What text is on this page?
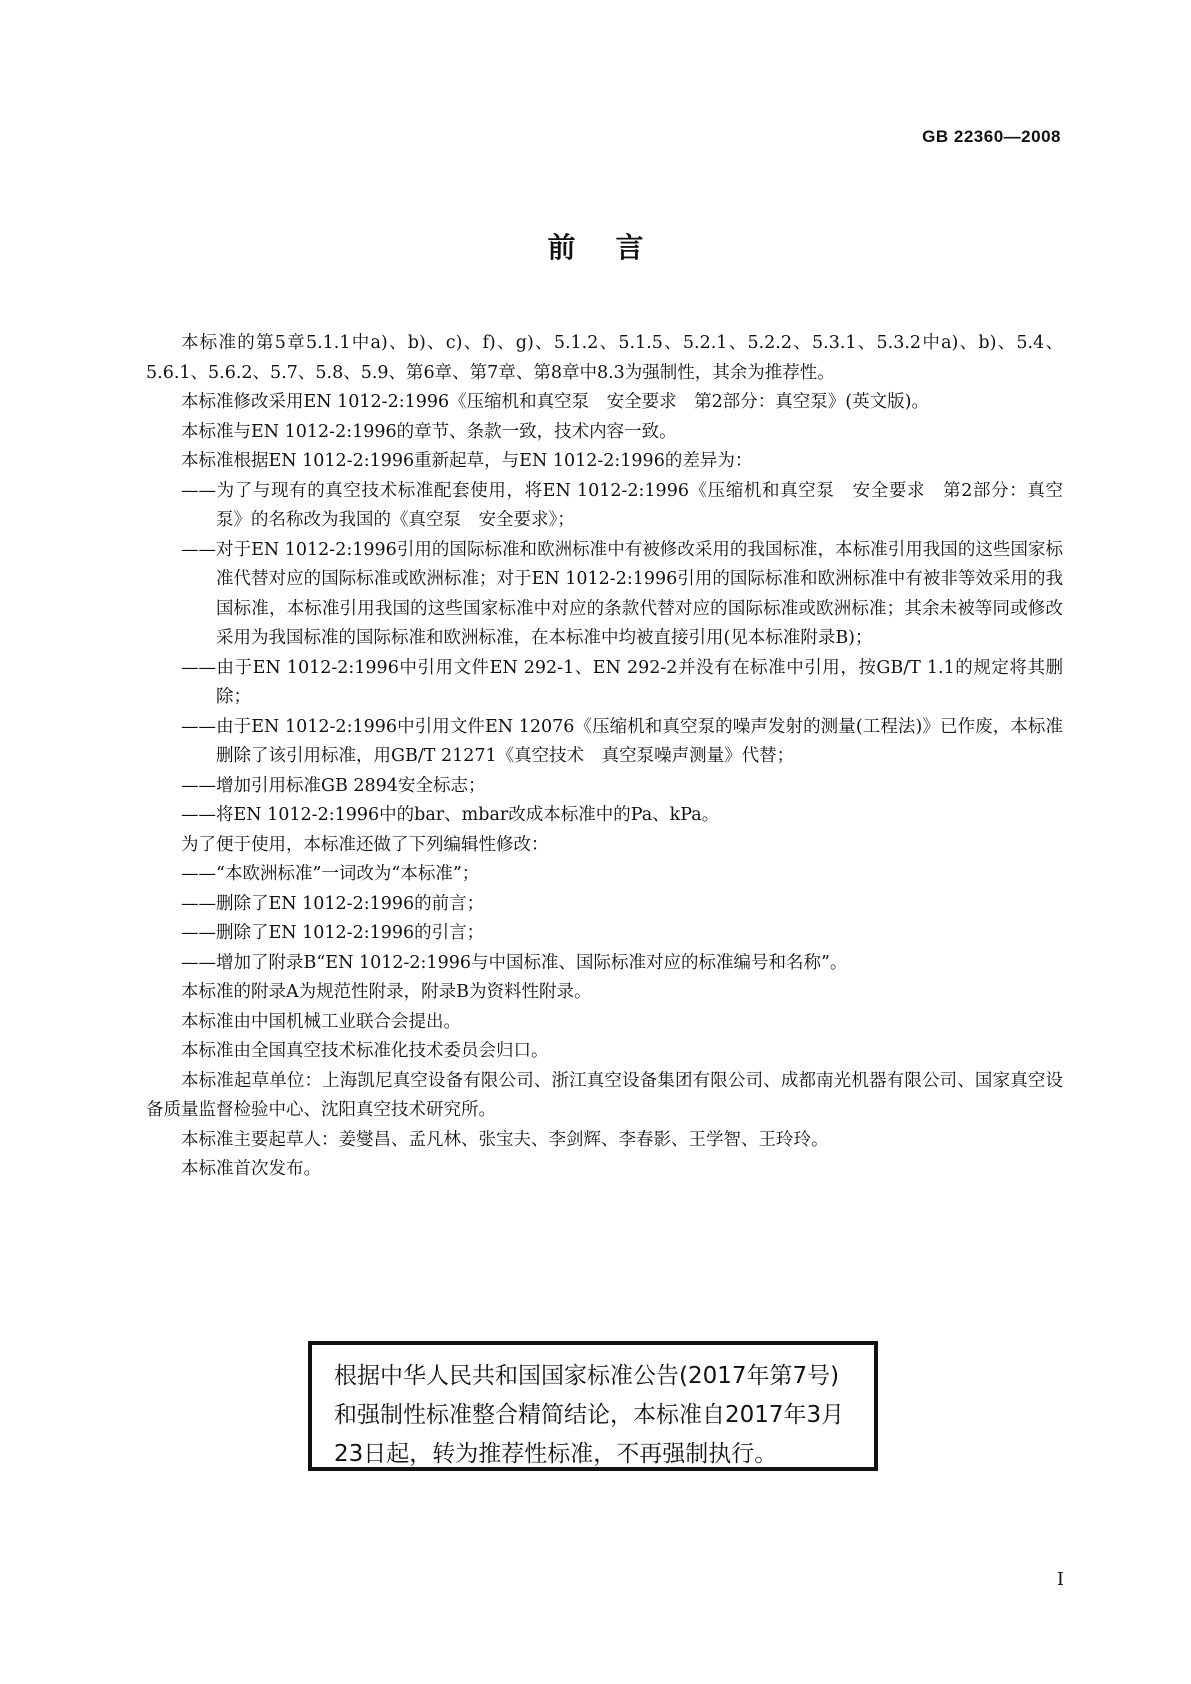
GB 22360—2008
前言

本标准的第5章5.1.1中a)、b)、c)、f)、g)、5.1.2、5.1.5、5.2.1、5.2.2、5.3.1、5.3.2中a)、b)、5.4、5.6.1、5.6.2、5.7、5.8、5.9、第6章、第7章、第8章中8.3为强制性，其余为推荐性。

本标准修改采用EN 1012-2:1996《压缩机和真空泵　安全要求　第2部分：真空泵》(英文版)。

本标准与EN 1012-2:1996的章节、条款一致，技术内容一致。

本标准根据EN 1012-2:1996重新起草，与EN 1012-2:1996的差异为：

——为了与现有的真空技术标准配套使用，将EN 1012-2:1996《压缩机和真空泵　安全要求　第2部分：真空泵》的名称改为我国的《真空泵　安全要求》；

——对于EN 1012-2:1996引用的国际标准和欧洲标准中有被修改采用的我国标准，本标准引用我国的这些国家标准代替对应的国际标准或欧洲标准；对于EN 1012-2:1996引用的国际标准和欧洲标准中有被非等效采用的我国标准，本标准引用我国的这些国家标准中对应的条款代替对应的国际标准或欧洲标准；其余未被等同或修改采用为我国标准的国际标准和欧洲标准，在本标准中均被直接引用(见本标准附录B)；

——由于EN 1012-2:1996中引用文件EN 292-1、EN 292-2并没有在标准中引用，按GB/T 1.1的规定将其删除；

——由于EN 1012-2:1996中引用文件EN 12076《压缩机和真空泵的噪声发射的测量(工程法)》已作废，本标准删除了该引用标准，用GB/T 21271《真空技术　真空泵噪声测量》代替；

——增加引用标准GB 2894安全标志；

——将EN 1012-2:1996中的bar、mbar改成本标准中的Pa、kPa。

为了便于使用，本标准还做了下列编辑性修改：

——“本欧洲标准”一词改为“本标准”；

——删除了EN 1012-2:1996的前言；

——删除了EN 1012-2:1996的引言；

——增加了附录B“EN 1012-2:1996与中国标准、国际标准对应的标准编号和名称”。

本标准的附录A为规范性附录，附录B为资料性附录。

本标准由中国机械工业联合会提出。

本标准由全国真空技术标准化技术委员会归口。

本标准起草单位：上海凯尼真空设备有限公司、浙江真空设备集团有限公司、成都南光机器有限公司、国家真空设备质量监督检验中心、沈阳真空技术研究所。

本标准主要起草人：姜燮昌、孟凡林、张宝夫、李剑辉、李春影、王学智、王玲玲。

本标准首次发布。

根据中华人民共和国国家标准公告(2017年第7号)和强制性标准整合精简结论，本标准自2017年3月23日起，转为推荐性标准，不再强制执行。
I
